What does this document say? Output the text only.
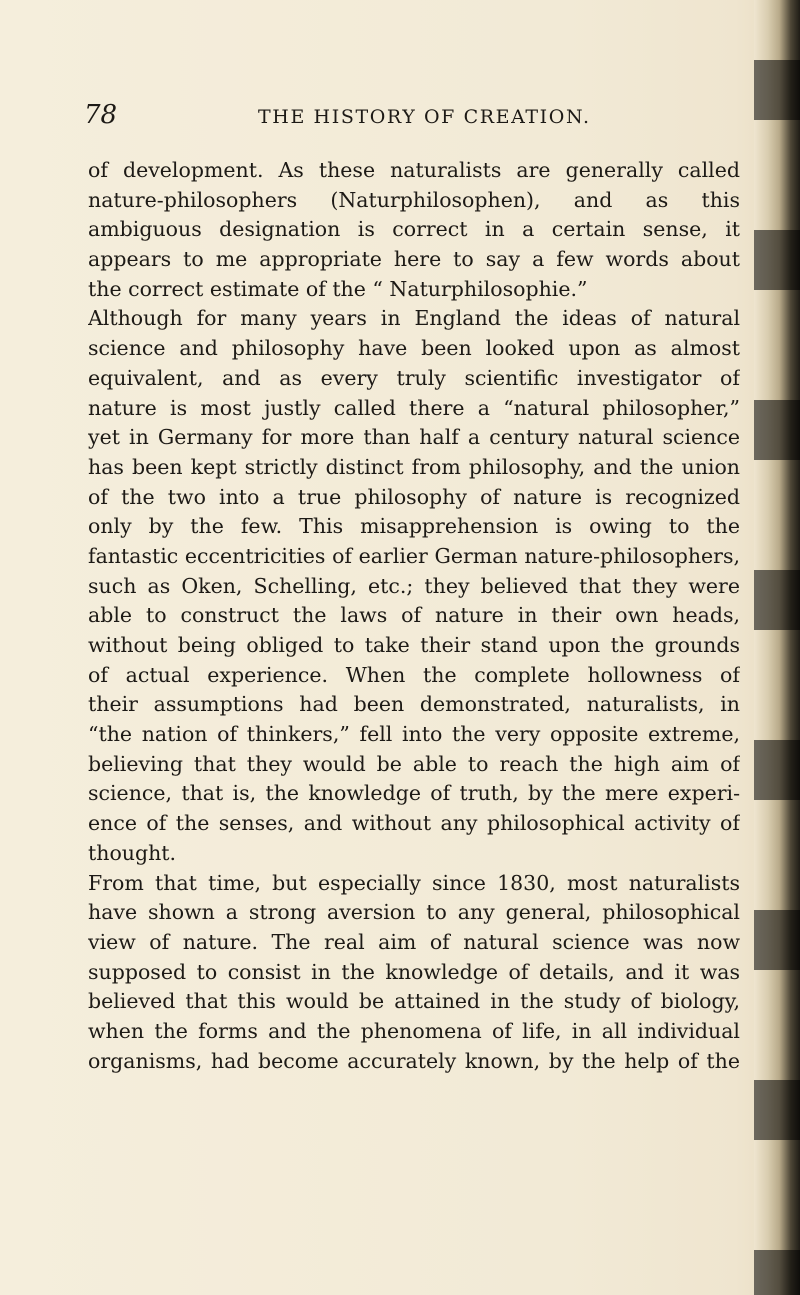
78	THE HISTORY OF CREATION.
of development. As these naturalists are generally called
nature-philosophers (Naturphilosophen), and as this
ambiguous designation is correct in a certain sense, it
appears to me appropriate here to say a few words about
the correct estimate of the “ Naturphilosophie.”
Although for many years in England the ideas of natural
science and philosophy have been looked upon as almost
equivalent, and as every truly scientific investigator of
nature is most justly called there a “natural philosopher,”
yet in Germany for more than half a century natural science
has been kept strictly distinct from philosophy, and the union
of the two into a true philosophy of nature is recognized
only by the few. This misapprehension is owing to the
fantastic eccentricities of earlier German nature-philosophers,
such as Oken, Schelling, etc.; they believed that they were
able to construct the laws of nature in their own heads,
without being obliged to take their stand upon the grounds
of actual experience. When the complete hollowness of
their assumptions had been demonstrated, naturalists, in
“the nation of thinkers,” fell into the very opposite extreme,
believing that they would be able to reach the high aim of
science, that is, the knowledge of truth, by the mere experi-
ence of the senses, and without any philosophical activity of
thought.
From that time, but especially since 1830, most naturalists
have shown a strong aversion to any general, philosophical
view of nature. The real aim of natural science was now
supposed to consist in the knowledge of details, and it was
believed that this would be attained in the study of biology,
when the forms and the phenomena of life, in all individual
organisms, had become accurately known, by the help of the
